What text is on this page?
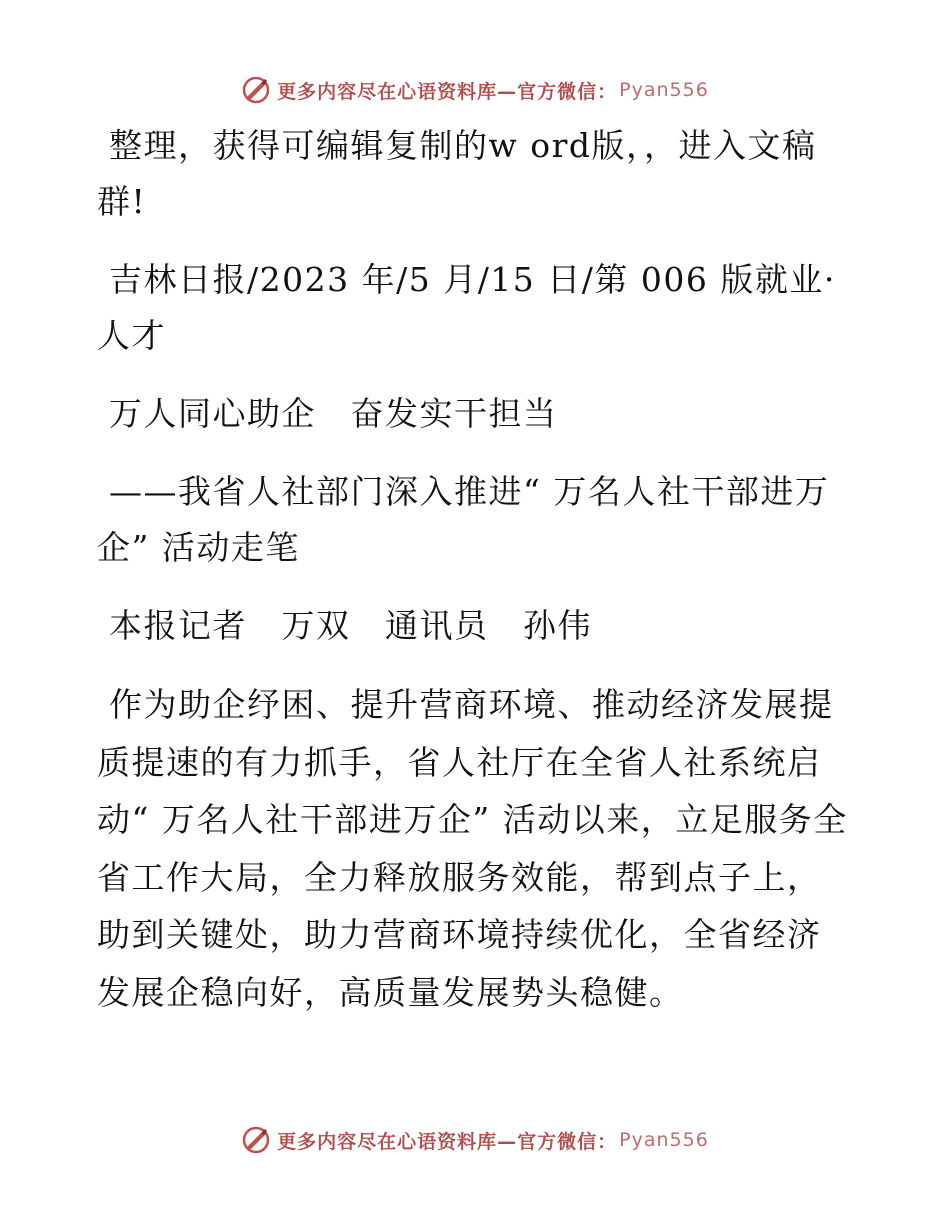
更多内容尽在心语资料库—官方微信： Pyan556

整理，获得可编辑复制的w ord版，，进入文稿群!

吉林日报/2023 年/5 月/15 日/第 006 版就业·人才

万人同心助企　奋发实干担当

——我省人社部门深入推进“ 万名人社干部进万企” 活动走笔

本报记者　万双　通讯员　孙伟

作为助企纾困、提升营商环境、推动经济发展提质提速的有力抓手，省人社厅在全省人社系统启动“ 万名人社干部进万企” 活动以来，立足服务全省工作大局，全力释放服务效能，帮到点子上，助到关键处，助力营商环境持续优化，全省经济发展企稳向好，高质量发展势头稳健。

更多内容尽在心语资料库—官方微信： Pyan556
